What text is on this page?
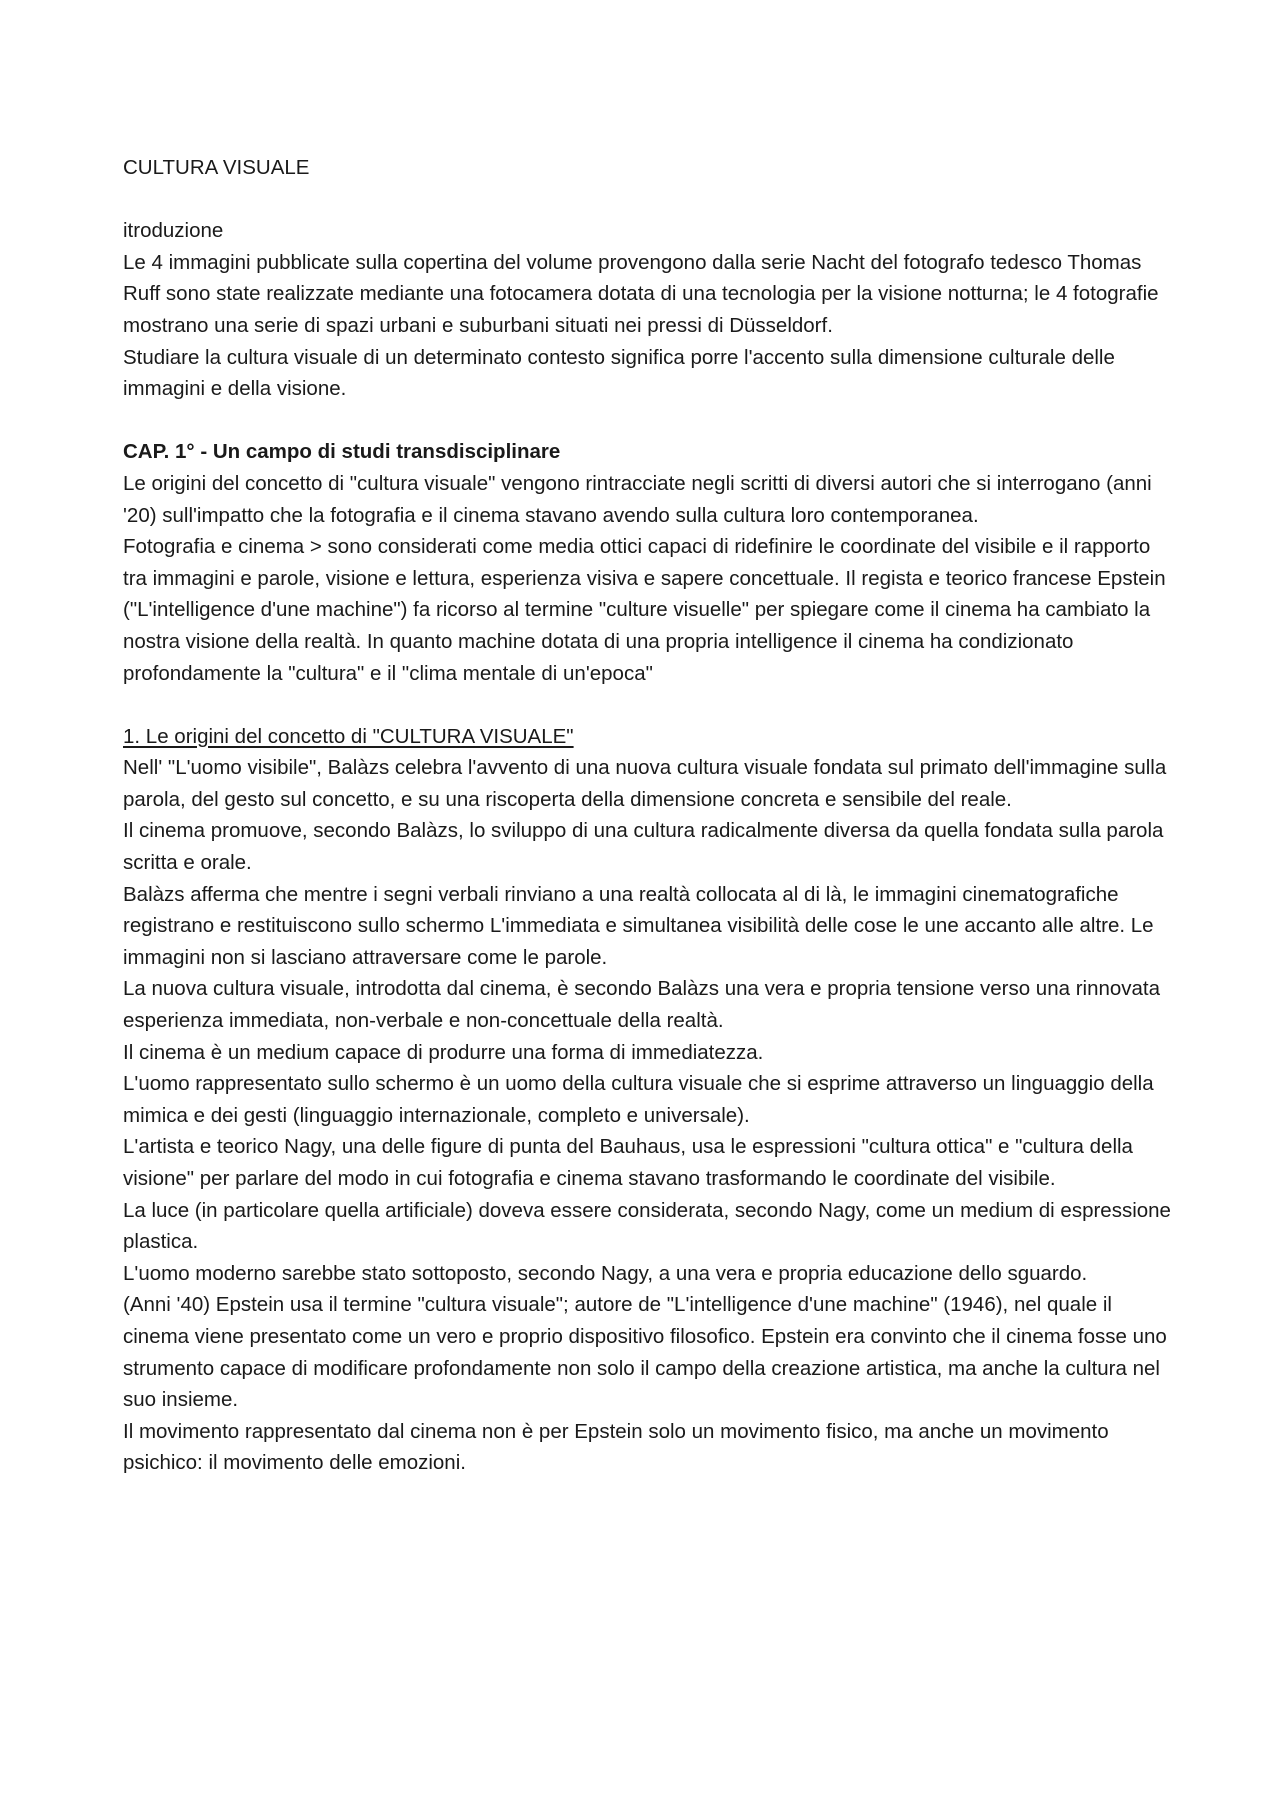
CULTURA VISUALE

itroduzione

Le 4 immagini pubblicate sulla copertina del volume provengono dalla serie Nacht del fotografo tedesco Thomas Ruff sono state realizzate mediante una fotocamera dotata di una tecnologia per la visione notturna; le 4 fotografie mostrano una serie di spazi urbani e suburbani situati nei pressi di Düsseldorf.

Studiare la cultura visuale di un determinato contesto significa porre l'accento sulla dimensione culturale delle immagini e della visione.

CAP. 1° - Un campo di studi transdisciplinare

Le origini del concetto di "cultura visuale" vengono rintracciate negli scritti di diversi autori che si interrogano (anni '20) sull'impatto che la fotografia e il cinema stavano avendo sulla cultura loro contemporanea.

Fotografia e cinema > sono considerati come media ottici capaci di ridefinire le coordinate del visibile e il rapporto tra immagini e parole, visione e lettura, esperienza visiva e sapere concettuale. Il regista e teorico francese Epstein ("L'intelligence d'une machine") fa ricorso al termine "culture visuelle" per spiegare come il cinema ha cambiato la nostra visione della realtà. In quanto machine dotata di una propria intelligence il cinema ha condizionato profondamente la "cultura" e il "clima mentale di un'epoca"

1. Le origini del concetto di "CULTURA VISUALE"

Nell' "L'uomo visibile", Balàzs celebra l'avvento di una nuova cultura visuale fondata sul primato dell'immagine sulla parola, del gesto sul concetto, e su una riscoperta della dimensione concreta e sensibile del reale.

Il cinema promuove, secondo Balàzs, lo sviluppo di una cultura radicalmente diversa da quella fondata sulla parola scritta e orale.

Balàzs afferma che mentre i segni verbali rinviano a una realtà collocata al di là, le immagini cinematografiche registrano e restituiscono sullo schermo L'immediata e simultanea visibilità delle cose le une accanto alle altre. Le immagini non si lasciano attraversare come le parole.

La nuova cultura visuale, introdotta dal cinema, è secondo Balàzs una vera e propria tensione verso una rinnovata esperienza immediata, non-verbale e non-concettuale della realtà.

Il cinema è un medium capace di produrre una forma di immediatezza.

L'uomo rappresentato sullo schermo è un uomo della cultura visuale che si esprime attraverso un linguaggio della mimica e dei gesti (linguaggio internazionale, completo e universale).

L'artista e teorico Nagy, una delle figure di punta del Bauhaus, usa le espressioni "cultura ottica" e "cultura della visione" per parlare del modo in cui fotografia e cinema stavano trasformando le coordinate del visibile.

La luce (in particolare quella artificiale) doveva essere considerata, secondo Nagy, come un medium di espressione plastica.

L'uomo moderno sarebbe stato sottoposto, secondo Nagy, a una vera e propria educazione dello sguardo.

(Anni '40) Epstein usa il termine "cultura visuale"; autore de "L'intelligence d'une machine" (1946), nel quale il cinema viene presentato come un vero e proprio dispositivo filosofico. Epstein era convinto che il cinema fosse uno strumento capace di modificare profondamente non solo il campo della creazione artistica, ma anche la cultura nel suo insieme.

Il movimento rappresentato dal cinema non è per Epstein solo un movimento fisico, ma anche un movimento psichico: il movimento delle emozioni.
